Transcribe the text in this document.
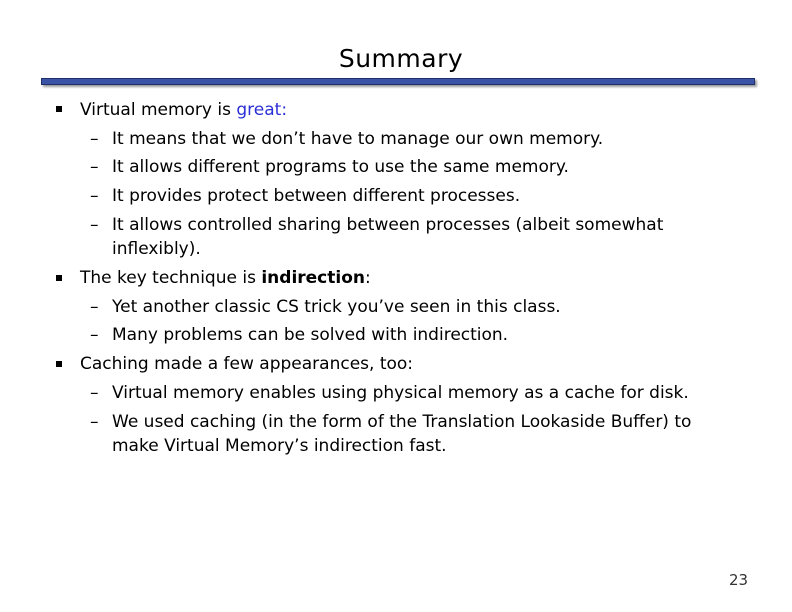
Summary
Virtual memory is great:
– It means that we don’t have to manage our own memory.
– It allows different programs to use the same memory.
– It provides protect between different processes.
– It allows controlled sharing between processes (albeit somewhat
inflexibly).
The key technique is indirection:
– Yet another classic CS trick you’ve seen in this class.
– Many problems can be solved with indirection.
Caching made a few appearances, too:
– Virtual memory enables using physical memory as a cache for disk.
– We used caching (in the form of the Translation Lookaside Buffer) to
make Virtual Memory’s indirection fast.
23
